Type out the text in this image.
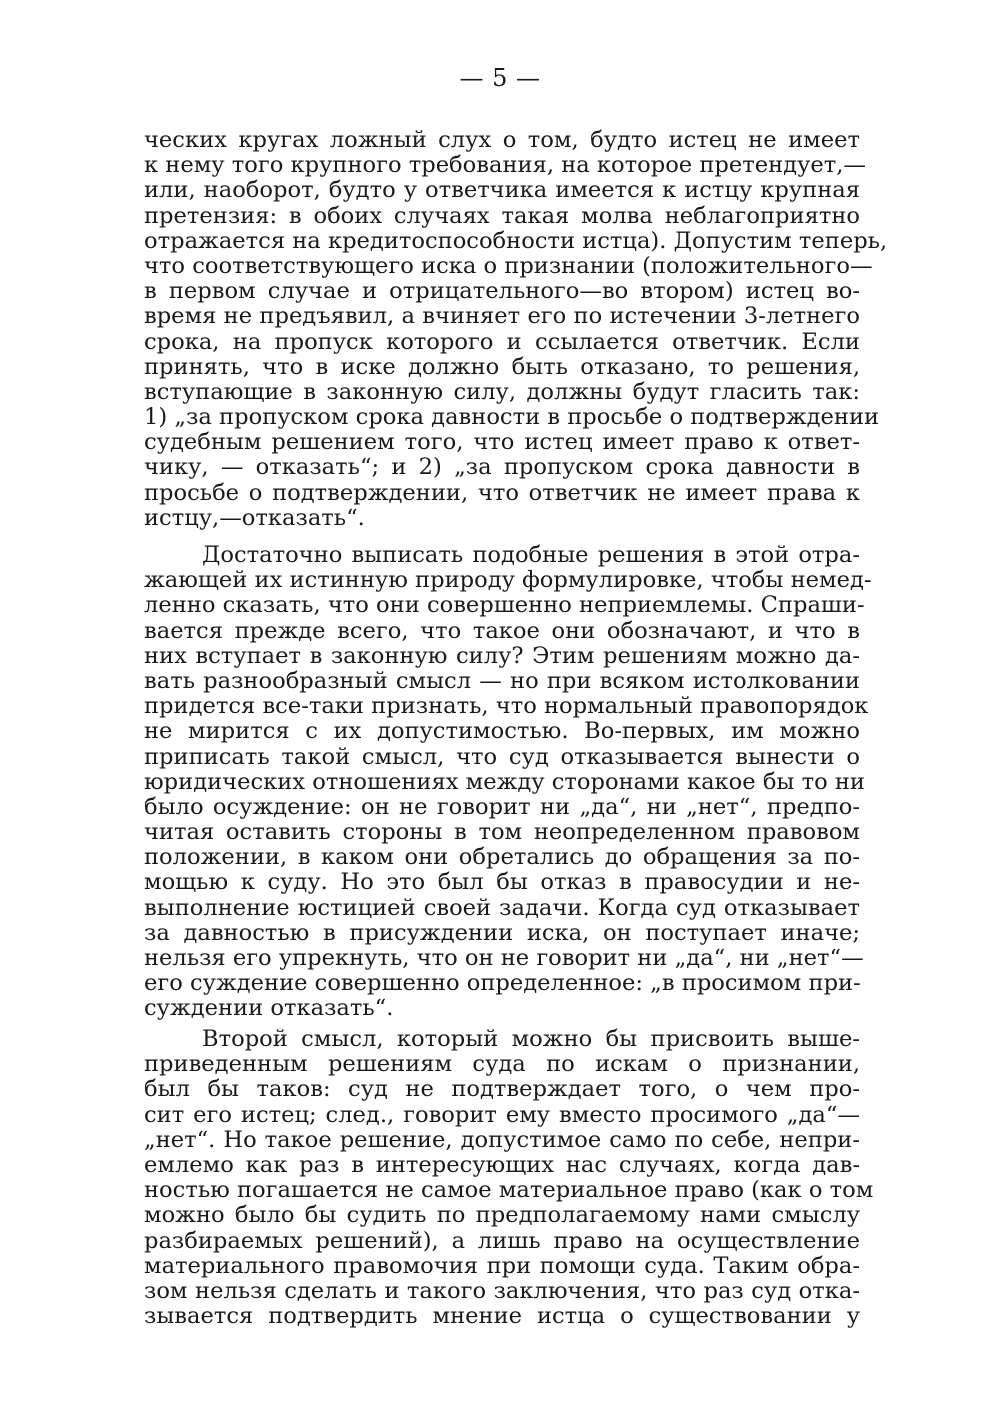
— 5 —
ческих кругах ложный слух о том, будто истец не имеет
к нему того крупного требования, на которое претендует,—
или, наоборот, будто у ответчика имеется к истцу крупная
претензия: в обоих случаях такая молва неблагоприятно
отражается на кредитоспособности истца). Допустим теперь,
что соответствующего иска о признании (положительного—
в первом случае и отрицательного—во втором) истец во-
время не предъявил, а вчиняет его по истечении 3-летнего
срока, на пропуск которого и ссылается ответчик. Если
принять, что в иске должно быть отказано, то решения,
вступающие в законную силу, должны будут гласить так:
1) „за пропуском срока давности в просьбе о подтверждении
судебным решением того, что истец имеет право к ответ-
чику, — отказать“; и 2) „за пропуском срока давности в
просьбе о подтверждении, что ответчик не имеет права к
истцу,—отказать“.
Достаточно выписать подобные решения в этой отра-
жающей их истинную природу формулировке, чтобы немед-
ленно сказать, что они совершенно неприемлемы. Спраши-
вается прежде всего, что такое они обозначают, и что в
них вступает в законную силу? Этим решениям можно да-
вать разнообразный смысл — но при всяком истолковании
придется все-таки признать, что нормальный правопорядок
не мирится с их допустимостью. Во-первых, им можно
приписать такой смысл, что суд отказывается вынести о
юридических отношениях между сторонами какое бы то ни
было осуждение: он не говорит ни „да“, ни „нет“, предпо-
читая оставить стороны в том неопределенном правовом
положении, в каком они обретались до обращения за по-
мощью к суду. Но это был бы отказ в правосудии и не-
выполнение юстицией своей задачи. Когда суд отказывает
за давностью в присуждении иска, он поступает иначе;
нельзя его упрекнуть, что он не говорит ни „да“, ни „нет“—
его суждение совершенно определенное: „в просимом при-
суждении отказать“.
Второй смысл, который можно бы присвоить выше-
приведенным решениям суда по искам о признании,
был бы таков: суд не подтверждает того, о чем про-
сит его истец; след., говорит ему вместо просимого „да“—
„нет“. Но такое решение, допустимое само по себе, непри-
емлемо как раз в интересующих нас случаях, когда дав-
ностью погашается не самое материальное право (как о том
можно было бы судить по предполагаемому нами смыслу
разбираемых решений), а лишь право на осуществление
материального правомочия при помощи суда. Таким обра-
зом нельзя сделать и такого заключения, что раз суд отка-
зывается подтвердить мнение истца о существовании у
